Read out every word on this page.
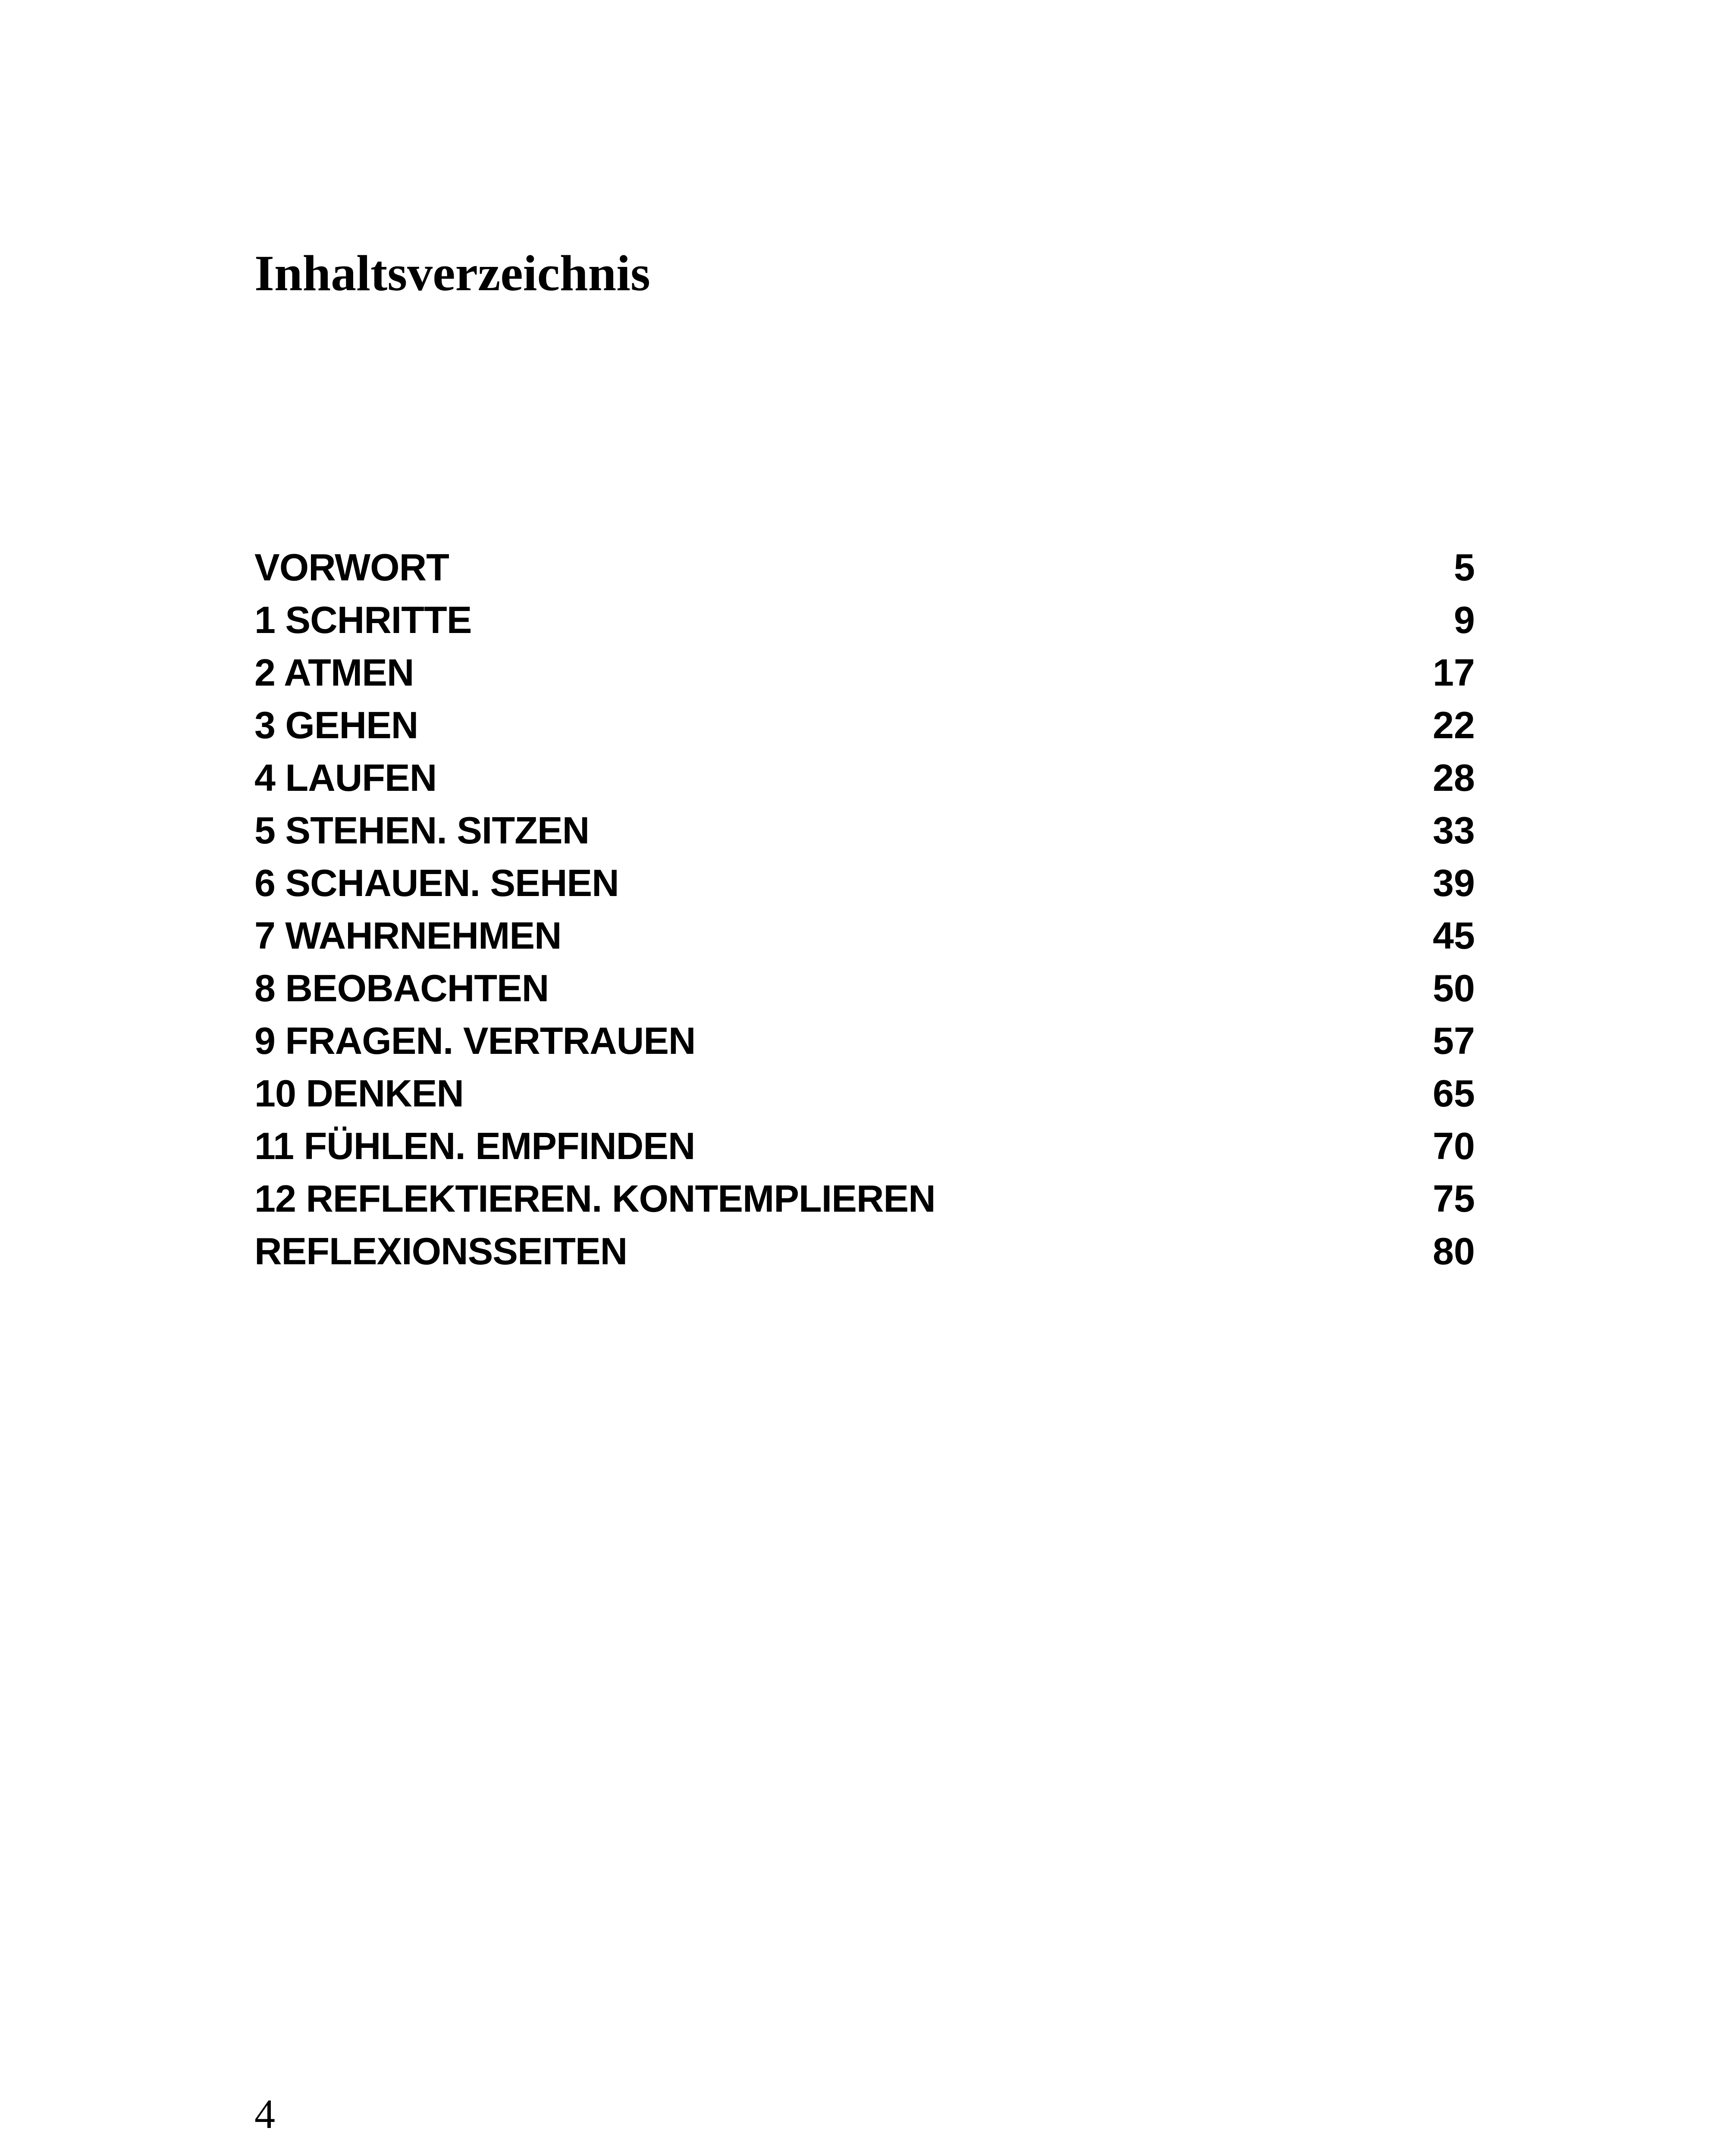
Inhaltsverzeichnis
VORWORT	5
1 SCHRITTE	9
2 ATMEN	17
3 GEHEN	22
4 LAUFEN	28
5 STEHEN. SITZEN	33
6 SCHAUEN. SEHEN	39
7 WAHRNEHMEN	45
8 BEOBACHTEN	50
9 FRAGEN. VERTRAUEN	57
10 DENKEN	65
11 FÜHLEN. EMPFINDEN	70
12 REFLEKTIEREN. KONTEMPLIEREN	75
REFLEXIONSSEITEN	80
4
